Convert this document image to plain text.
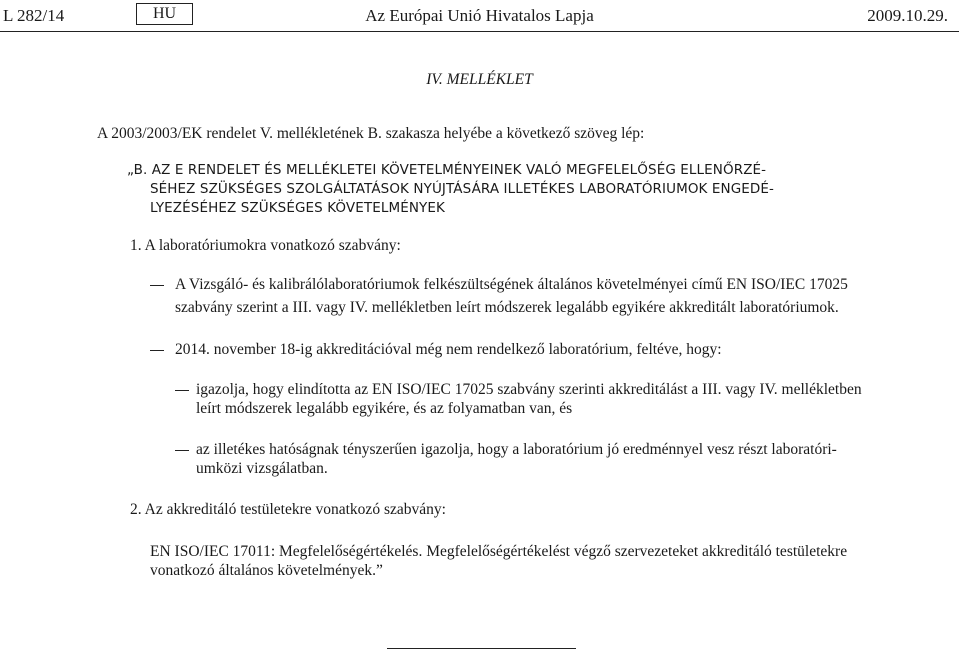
L 282/14	HU	Az Európai Unió Hivatalos Lapja	2009.10.29.
IV. MELLÉKLET
A 2003/2003/EK rendelet V. mellékletének B. szakasza helyébe a következő szöveg lép:
„B. AZ E RENDELET ÉS MELLÉKLETEI KÖVETELMÉNYEINEK VALÓ MEGFELELŐSÉG ELLENŐRZÉ-
SÉHEZ SZÜKSÉGES SZOLGÁLTATÁSOK NYÚJTÁSÁRA ILLETÉKES LABORATÓRIUMOK ENGEDÉ-
LYEZÉSÉHEZ SZÜKSÉGES KÖVETELMÉNYEK
1. A laboratóriumokra vonatkozó szabvány:
A Vizsgáló- és kalibrálólaboratóriumok felkészültségének általános követelményei című EN ISO/IEC 17025
szabvány szerint a III. vagy IV. mellékletben leírt módszerek legalább egyikére akkreditált laboratóriumok.
2014. november 18-ig akkreditációval még nem rendelkező laboratórium, feltéve, hogy:
igazolja, hogy elindította az EN ISO/IEC 17025 szabvány szerinti akkreditálást a III. vagy IV. mellékletben
leírt módszerek legalább egyikére, és az folyamatban van, és
az illetékes hatóságnak tényszerűen igazolja, hogy a laboratórium jó eredménnyel vesz részt laboratóri-
umközi vizsgálatban.
2. Az akkreditáló testületekre vonatkozó szabvány:
EN ISO/IEC 17011: Megfelelőségértékelés. Megfelelőségértékelést végző szervezeteket akkreditáló testületekre
vonatkozó általános követelmények.”
